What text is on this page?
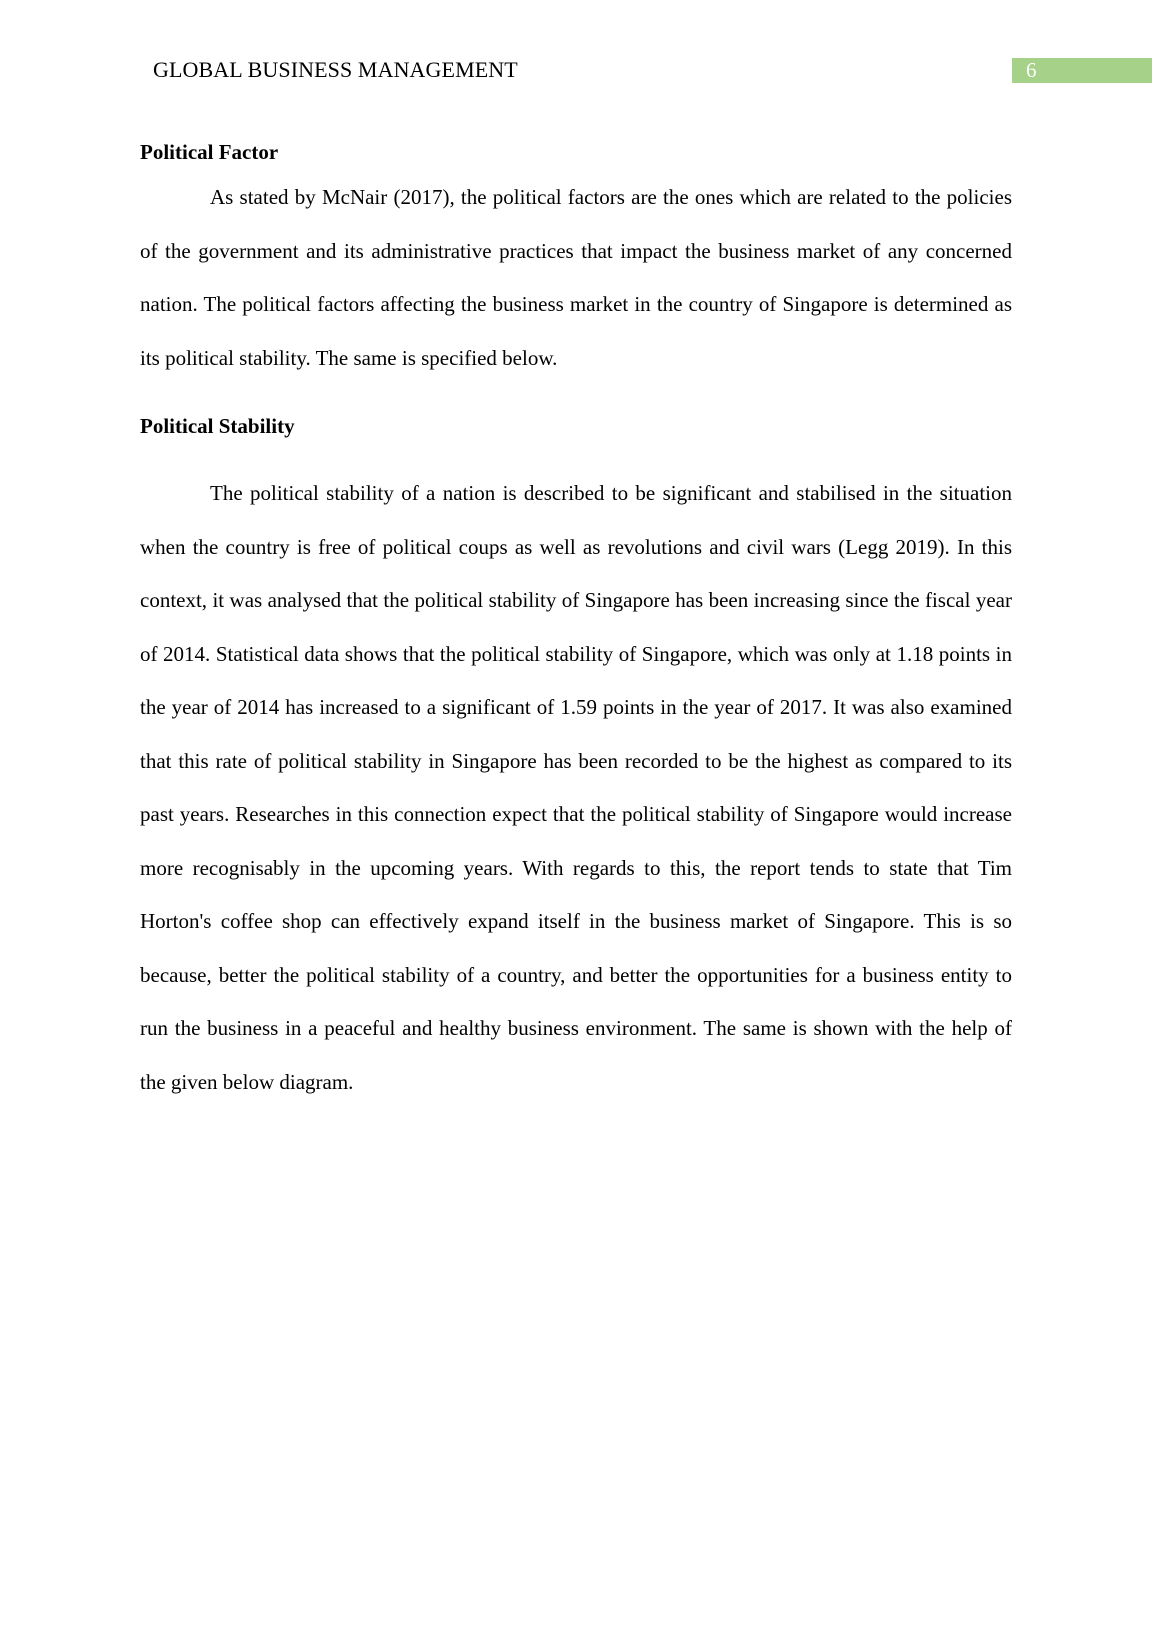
GLOBAL BUSINESS MANAGEMENT	6
Political Factor

As stated by McNair (2017), the political factors are the ones which are related to the policies of the government and its administrative practices that impact the business market of any concerned nation. The political factors affecting the business market in the country of Singapore is determined as its political stability. The same is specified below.

Political Stability

The political stability of a nation is described to be significant and stabilised in the situation when the country is free of political coups as well as revolutions and civil wars (Legg 2019). In this context, it was analysed that the political stability of Singapore has been increasing since the fiscal year of 2014. Statistical data shows that the political stability of Singapore, which was only at 1.18 points in the year of 2014 has increased to a significant of 1.59 points in the year of 2017. It was also examined that this rate of political stability in Singapore has been recorded to be the highest as compared to its past years. Researches in this connection expect that the political stability of Singapore would increase more recognisably in the upcoming years. With regards to this, the report tends to state that Tim Horton's coffee shop can effectively expand itself in the business market of Singapore. This is so because, better the political stability of a country, and better the opportunities for a business entity to run the business in a peaceful and healthy business environment. The same is shown with the help of the given below diagram.
